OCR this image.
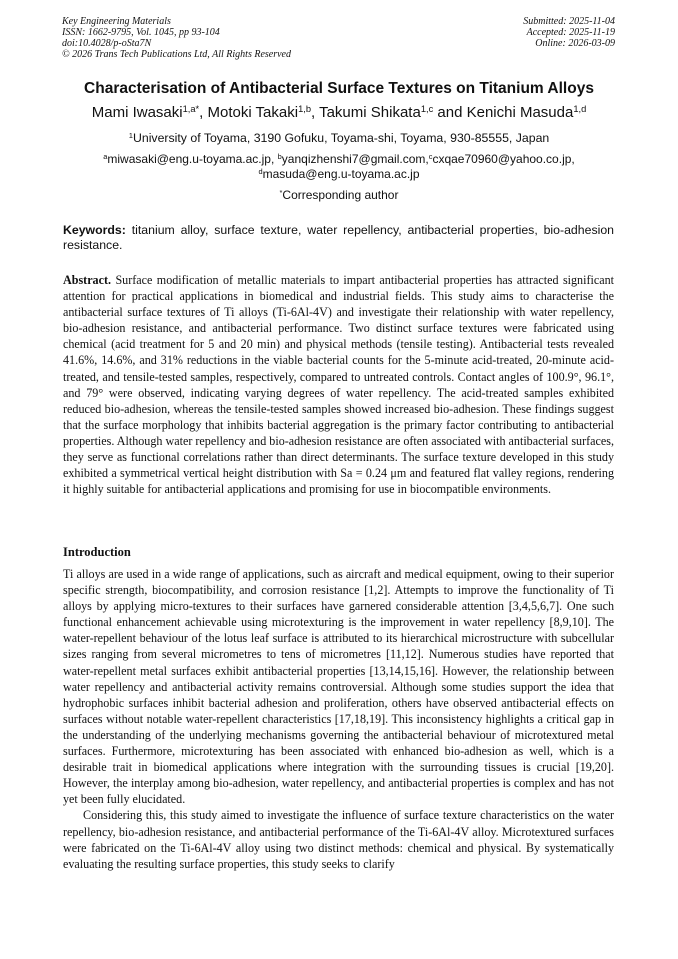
Key Engineering Materials
ISSN: 1662-9795, Vol. 1045, pp 93-104
doi:10.4028/p-oSta7N
© 2026 Trans Tech Publications Ltd, All Rights Reserved
Submitted: 2025-11-04
Accepted: 2025-11-19
Online: 2026-03-09
Characterisation of Antibacterial Surface Textures on Titanium Alloys
Mami Iwasaki$^{1,a*}$, Motoki Takaki$^{1,b}$, Takumi Shikata$^{1,c}$ and Kenichi Masuda$^{1,d}$
$^1$University of Toyama, 3190 Gofuku, Toyama-shi, Toyama, 930-85555, Japan
$^a$miwasaki@eng.u-toyama.ac.jp, $^b$yanqizhenshi7@gmail.com,$^c$cxqae70960@yahoo.co.jp,
$^d$masuda@eng.u-toyama.ac.jp
*Corresponding author
Keywords: titanium alloy, surface texture, water repellency, antibacterial properties, bio-adhesion resistance.
Abstract. Surface modification of metallic materials to impart antibacterial properties has attracted significant attention for practical applications in biomedical and industrial fields. This study aims to characterise the antibacterial surface textures of Ti alloys (Ti-6Al-4V) and investigate their relationship with water repellency, bio-adhesion resistance, and antibacterial performance. Two distinct surface textures were fabricated using chemical (acid treatment for 5 and 20 min) and physical methods (tensile testing). Antibacterial tests revealed 41.6%, 14.6%, and 31% reductions in the viable bacterial counts for the 5-minute acid-treated, 20-minute acid-treated, and tensile-tested samples, respectively, compared to untreated controls. Contact angles of 100.9°, 96.1°, and 79° were observed, indicating varying degrees of water repellency. The acid-treated samples exhibited reduced bio-adhesion, whereas the tensile-tested samples showed increased bio-adhesion. These findings suggest that the surface morphology that inhibits bacterial aggregation is the primary factor contributing to antibacterial properties. Although water repellency and bio-adhesion resistance are often associated with antibacterial surfaces, they serve as functional correlations rather than direct determinants. The surface texture developed in this study exhibited a symmetrical vertical height distribution with Sa = 0.24 μm and featured flat valley regions, rendering it highly suitable for antibacterial applications and promising for use in biocompatible environments.
Introduction

Ti alloys are used in a wide range of applications, such as aircraft and medical equipment, owing to their superior specific strength, biocompatibility, and corrosion resistance [1,2]. Attempts to improve the functionality of Ti alloys by applying micro-textures to their surfaces have garnered considerable attention [3,4,5,6,7]. One such functional enhancement achievable using microtexturing is the improvement in water repellency [8,9,10]. The water-repellent behaviour of the lotus leaf surface is attributed to its hierarchical microstructure with subcellular sizes ranging from several micrometres to tens of micrometres [11,12]. Numerous studies have reported that water-repellent metal surfaces exhibit antibacterial properties [13,14,15,16]. However, the relationship between water repellency and antibacterial activity remains controversial. Although some studies support the idea that hydrophobic surfaces inhibit bacterial adhesion and proliferation, others have observed antibacterial effects on surfaces without notable water-repellent characteristics [17,18,19]. This inconsistency highlights a critical gap in the understanding of the underlying mechanisms governing the antibacterial behaviour of microtextured metal surfaces. Furthermore, microtexturing has been associated with enhanced bio-adhesion as well, which is a desirable trait in biomedical applications where integration with the surrounding tissues is crucial [19,20]. However, the interplay among bio-adhesion, water repellency, and antibacterial properties is complex and has not yet been fully elucidated.

Considering this, this study aimed to investigate the influence of surface texture characteristics on the water repellency, bio-adhesion resistance, and antibacterial performance of the Ti-6Al-4V alloy. Microtextured surfaces were fabricated on the Ti-6Al-4V alloy using two distinct methods: chemical and physical. By systematically evaluating the resulting surface properties, this study seeks to clarify
